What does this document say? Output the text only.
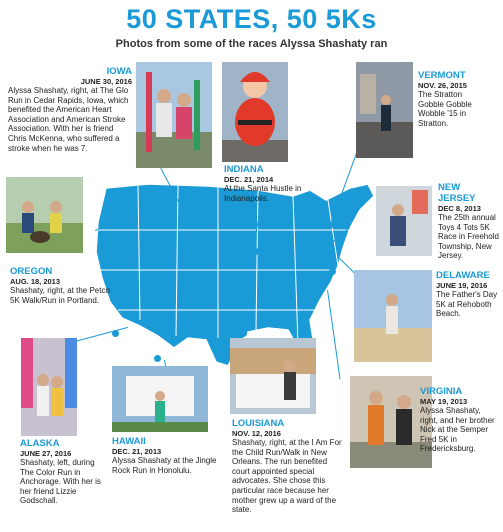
50 STATES, 50 5Ks
Photos from some of the races Alyssa Shashaty ran
IOWA
JUNE 30, 2016
Alyssa Shashaty, right, at The Glo Run in Cedar Rapids, Iowa, which benefited the American Heart Association and American Stroke Association. With her is friend Chris McKenna, who suffered a stroke when he was 7.
INDIANA
DEC. 21, 2014
At the Santa Hustle in Indianapolis.
VERMONT
NOV. 26, 2015
The Stratton Gobble Gobble Wobble '15 in Stratton.
NEW JERSEY
DEC 8, 2013
The 25th annual Toys 4 Tots 5K Race in Freehold Township, New Jersey.
OREGON
AUG. 18, 2013
Shashaty, right, at the Petco 5K Walk/Run in Portland.
DELAWARE
JUNE 19, 2016
The Father's Day 5K at Rehoboth Beach.
VIRGINIA
MAY 19, 2013
Alyssa Shashaty, right, and her brother Nick at the Semper Fred 5K in Fredericksburg.
LOUISIANA
NOV. 12, 2016
Shashaty, right, at the I Am For the Child Run/Walk in New Orleans. The run benefited court appointed special advocates. She chose this particular race because her mother grew up a ward of the state.
HAWAII
DEC. 21, 2013
Alyssa Shashaty at the Jingle Rock Run in Honolulu.
ALASKA
JUNE 27, 2016
Shashaty, left, during The Color Run in Anchorage. With her is her friend Lizzie Godschall.
